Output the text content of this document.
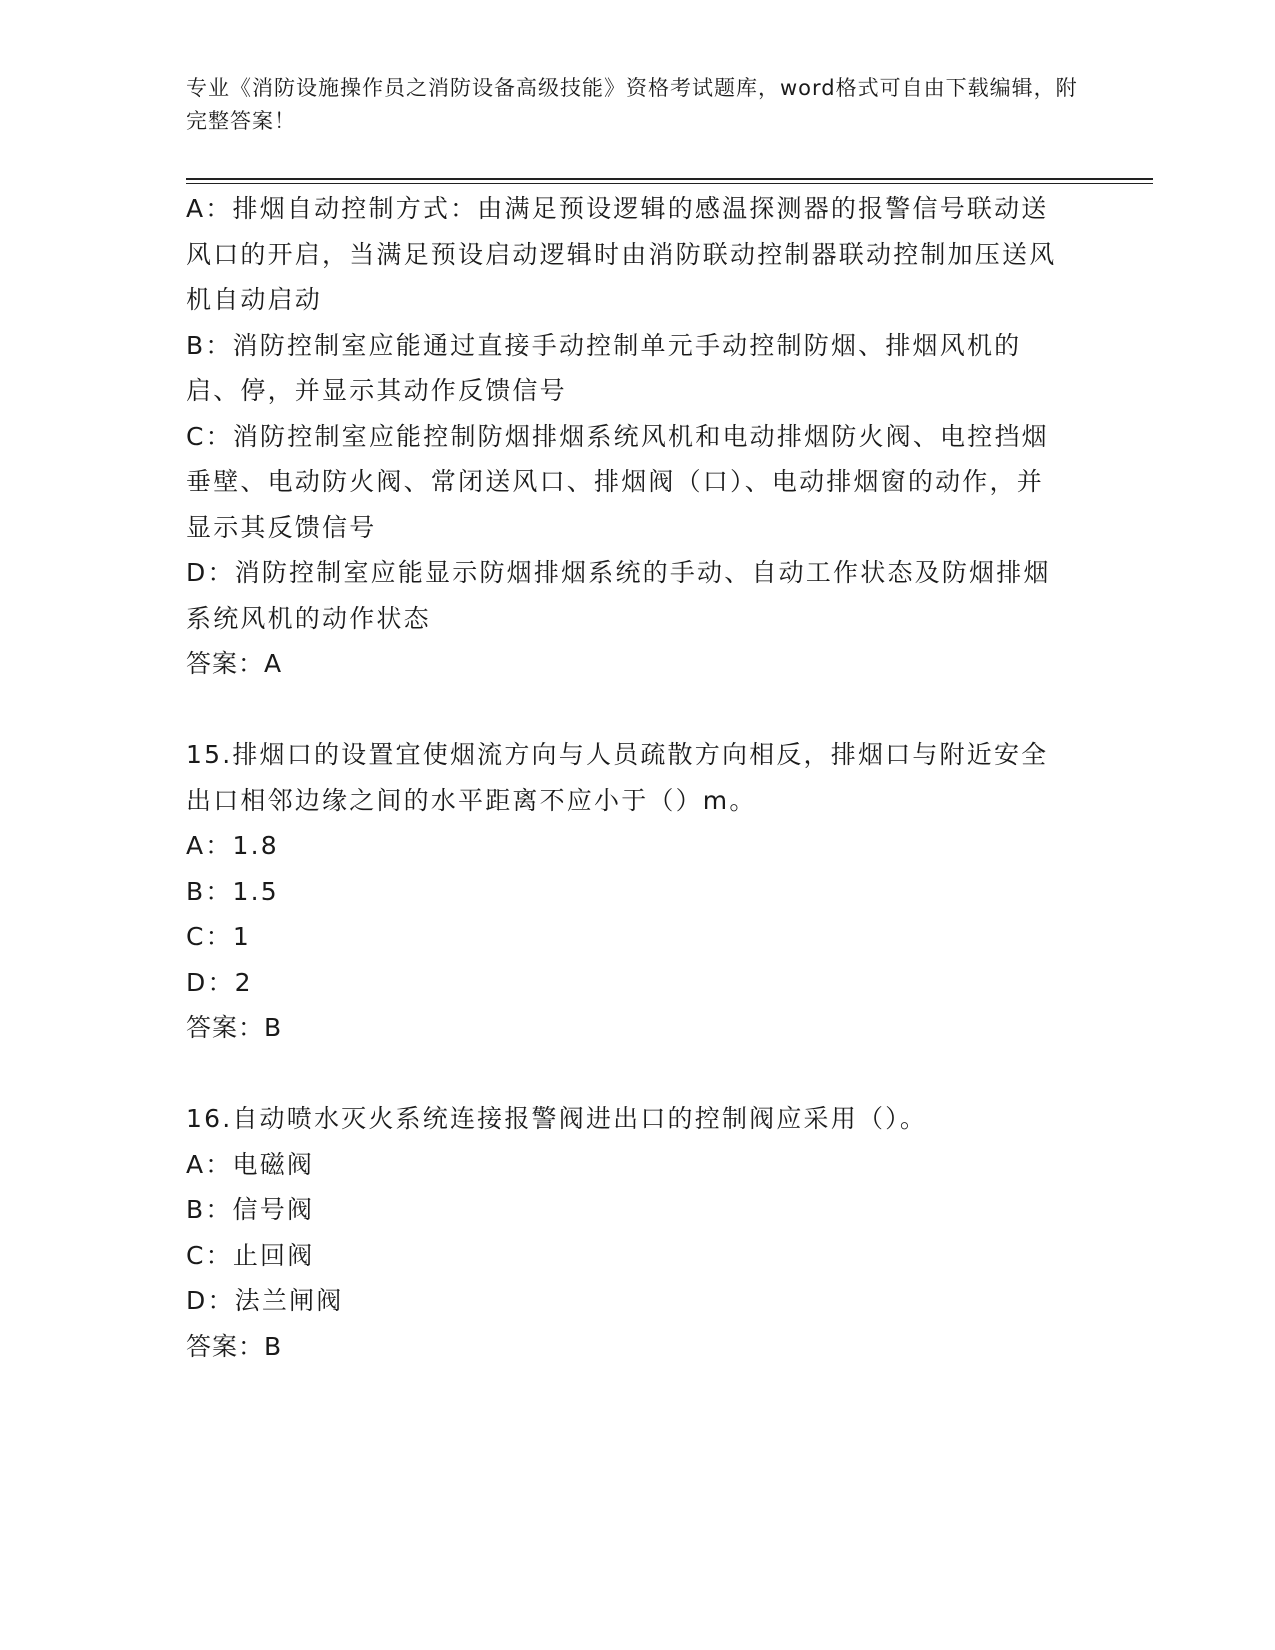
专业《消防设施操作员之消防设备高级技能》资格考试题库，word格式可自由下载编辑，附完整答案！

A：排烟自动控制方式：由满足预设逻辑的感温探测器的报警信号联动送风口的开启，当满足预设启动逻辑时由消防联动控制器联动控制加压送风机自动启动

B：消防控制室应能通过直接手动控制单元手动控制防烟、排烟风机的启、停，并显示其动作反馈信号

C：消防控制室应能控制防烟排烟系统风机和电动排烟防火阀、电控挡烟垂壁、电动防火阀、常闭送风口、排烟阀（口）、电动排烟窗的动作，并显示其反馈信号

D：消防控制室应能显示防烟排烟系统的手动、自动工作状态及防烟排烟系统风机的动作状态

答案：A

15.排烟口的设置宜使烟流方向与人员疏散方向相反，排烟口与附近安全出口相邻边缘之间的水平距离不应小于（）m。

A：1.8

B：1.5

C：1

D：2

答案：B

16.自动喷水灭火系统连接报警阀进出口的控制阀应采用（）。

A：电磁阀

B：信号阀

C：止回阀

D：法兰闸阀

答案：B
